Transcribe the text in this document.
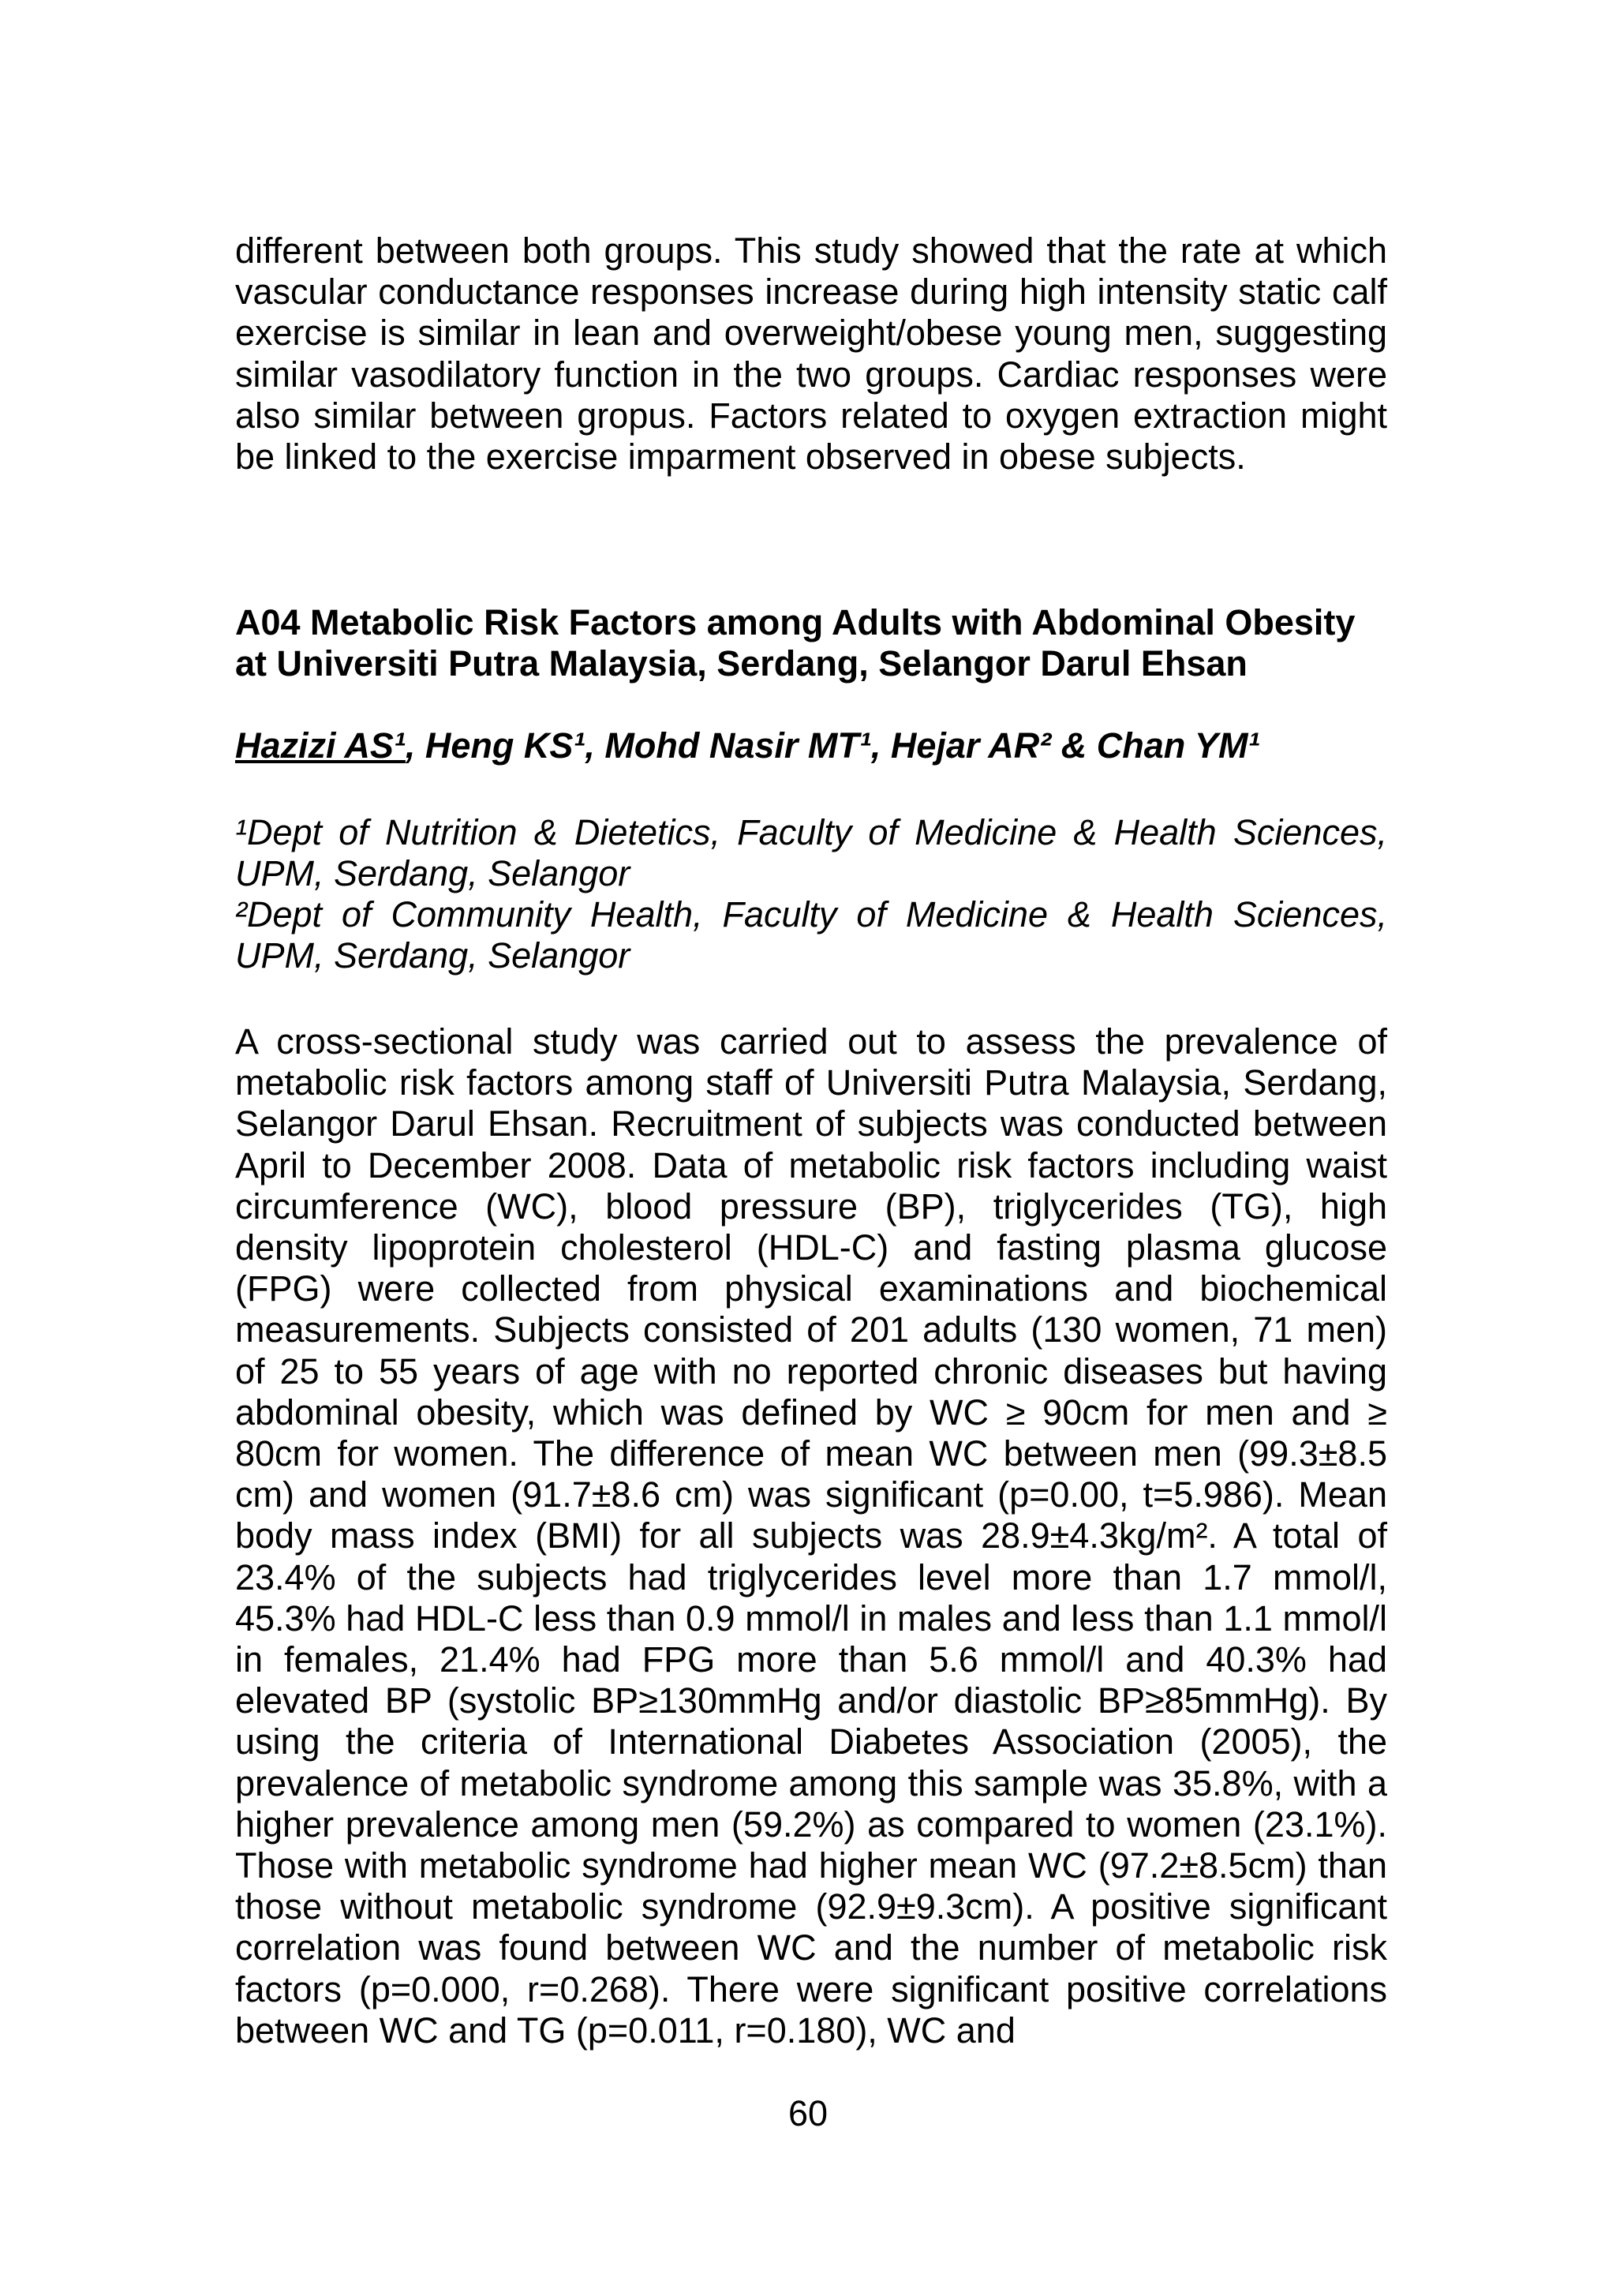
different between both groups. This study showed that the rate at which vascular conductance responses increase during high intensity static calf exercise is similar in lean and overweight/obese young men, suggesting similar vasodilatory function in the two groups. Cardiac responses were also similar between gropus. Factors related to oxygen extraction might be linked to the exercise imparment observed in obese subjects.

A04 Metabolic Risk Factors among Adults with Abdominal Obesity at Universiti Putra Malaysia, Serdang, Selangor Darul Ehsan

Hazizi AS¹, Heng KS¹, Mohd Nasir MT¹, Hejar AR² & Chan YM¹

¹Dept of Nutrition & Dietetics, Faculty of Medicine & Health Sciences, UPM, Serdang, Selangor
²Dept of Community Health, Faculty of Medicine & Health Sciences, UPM, Serdang, Selangor

A cross-sectional study was carried out to assess the prevalence of metabolic risk factors among staff of Universiti Putra Malaysia, Serdang, Selangor Darul Ehsan. Recruitment of subjects was conducted between April to December 2008. Data of metabolic risk factors including waist circumference (WC), blood pressure (BP), triglycerides (TG), high density lipoprotein cholesterol (HDL-C) and fasting plasma glucose (FPG) were collected from physical examinations and biochemical measurements. Subjects consisted of 201 adults (130 women, 71 men) of 25 to 55 years of age with no reported chronic diseases but having abdominal obesity, which was defined by WC ≥ 90cm for men and ≥ 80cm for women. The difference of mean WC between men (99.3±8.5 cm) and women (91.7±8.6 cm) was significant (p=0.00, t=5.986). Mean body mass index (BMI) for all subjects was 28.9±4.3kg/m². A total of 23.4% of the subjects had triglycerides level more than 1.7 mmol/l, 45.3% had HDL-C less than 0.9 mmol/l in males and less than 1.1 mmol/l in females, 21.4% had FPG more than 5.6 mmol/l and 40.3% had elevated BP (systolic BP≥130mmHg and/or diastolic BP≥85mmHg). By using the criteria of International Diabetes Association (2005), the prevalence of metabolic syndrome among this sample was 35.8%, with a higher prevalence among men (59.2%) as compared to women (23.1%). Those with metabolic syndrome had higher mean WC (97.2±8.5cm) than those without metabolic syndrome (92.9±9.3cm). A positive significant correlation was found between WC and the number of metabolic risk factors (p=0.000, r=0.268). There were significant positive correlations between WC and TG (p=0.011, r=0.180), WC and

60
